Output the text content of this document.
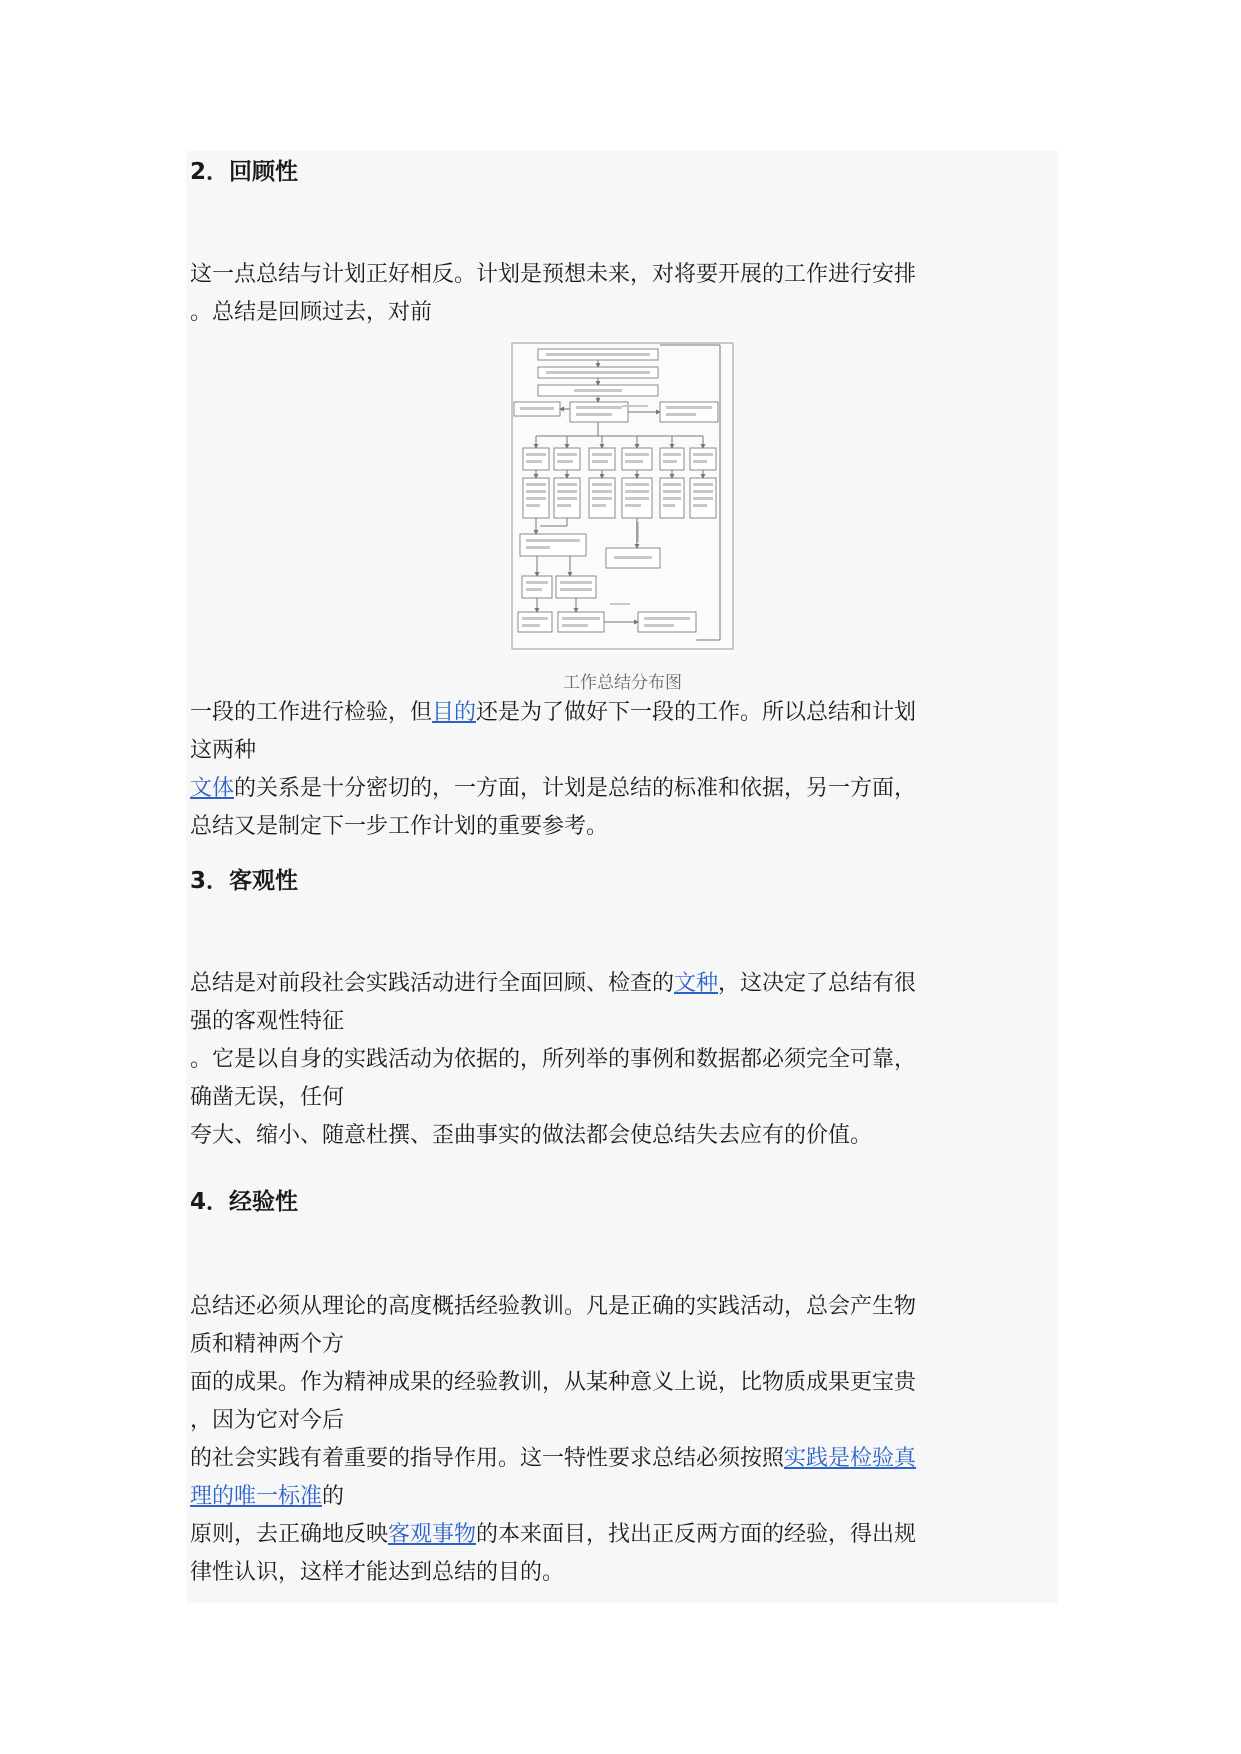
2．回顾性

这一点总结与计划正好相反。计划是预想未来，对将要开展的工作进行安排
。总结是回顾过去，对前

工作总结分布图

一段的工作进行检验，但目的还是为了做好下一段的工作。所以总结和计划
这两种
文体的关系是十分密切的，一方面，计划是总结的标准和依据，另一方面，
总结又是制定下一步工作计划的重要参考。

3．客观性

总结是对前段社会实践活动进行全面回顾、检查的文种，这决定了总结有很
强的客观性特征
。它是以自身的实践活动为依据的，所列举的事例和数据都必须完全可靠，
确凿无误，任何
夸大、缩小、随意杜撰、歪曲事实的做法都会使总结失去应有的价值。

4．经验性

总结还必须从理论的高度概括经验教训。凡是正确的实践活动，总会产生物
质和精神两个方
面的成果。作为精神成果的经验教训，从某种意义上说，比物质成果更宝贵
，因为它对今后
的社会实践有着重要的指导作用。这一特性要求总结必须按照实践是检验真
理的唯一标准的
原则，去正确地反映客观事物的本来面目，找出正反两方面的经验，得出规
律性认识，这样才能达到总结的目的。
